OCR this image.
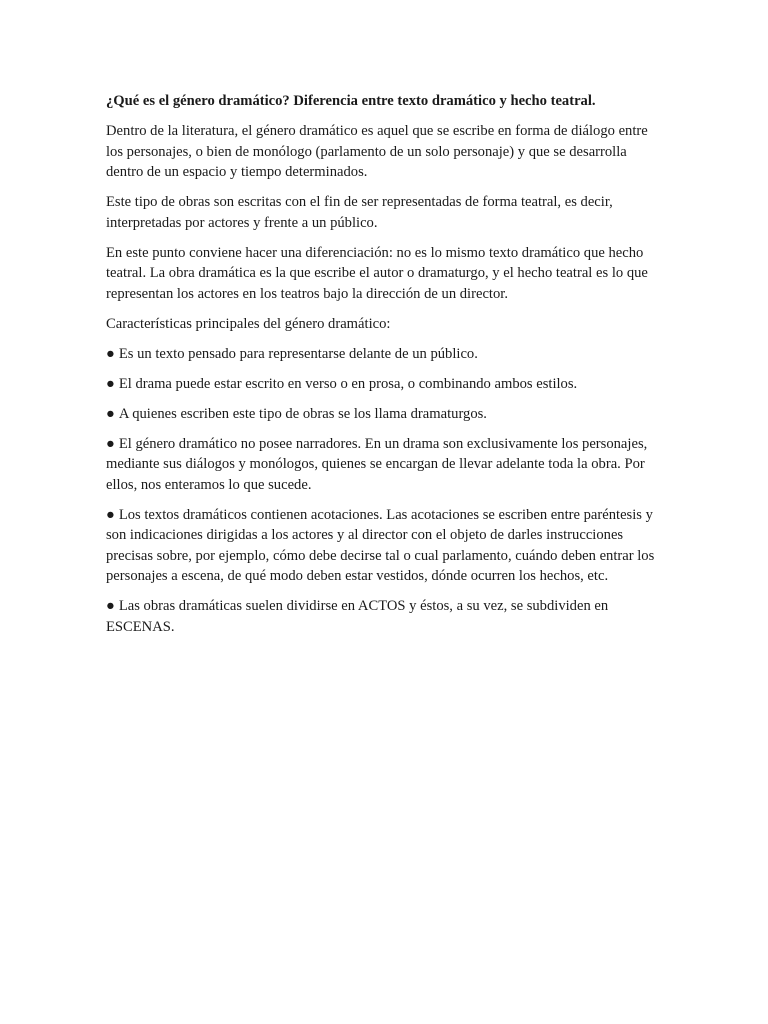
¿Qué es el género dramático? Diferencia entre texto dramático y hecho teatral.

Dentro de la literatura, el género dramático es aquel que se escribe en forma de diálogo entre los personajes, o bien de monólogo (parlamento de un solo personaje) y que se desarrolla dentro de un espacio y tiempo determinados.

Este tipo de obras son escritas con el fin de ser representadas de forma teatral, es decir, interpretadas por actores y frente a un público.

En este punto conviene hacer una diferenciación: no es lo mismo texto dramático que hecho teatral. La obra dramática es la que escribe el autor o dramaturgo, y el hecho teatral es lo que representan los actores en los teatros bajo la dirección de un director.

Características principales del género dramático:

● Es un texto pensado para representarse delante de un público.

● El drama puede estar escrito en verso o en prosa, o combinando ambos estilos.

● A quienes escriben este tipo de obras se los llama dramaturgos.

● El género dramático no posee narradores. En un drama son exclusivamente los personajes, mediante sus diálogos y monólogos, quienes se encargan de llevar adelante toda la obra. Por ellos, nos enteramos lo que sucede.

● Los textos dramáticos contienen acotaciones. Las acotaciones se escriben entre paréntesis y son indicaciones dirigidas a los actores y al director con el objeto de darles instrucciones precisas sobre, por ejemplo, cómo debe decirse tal o cual parlamento, cuándo deben entrar los personajes a escena, de qué modo deben estar vestidos, dónde ocurren los hechos, etc.

● Las obras dramáticas suelen dividirse en ACTOS y éstos, a su vez, se subdividen en ESCENAS.
